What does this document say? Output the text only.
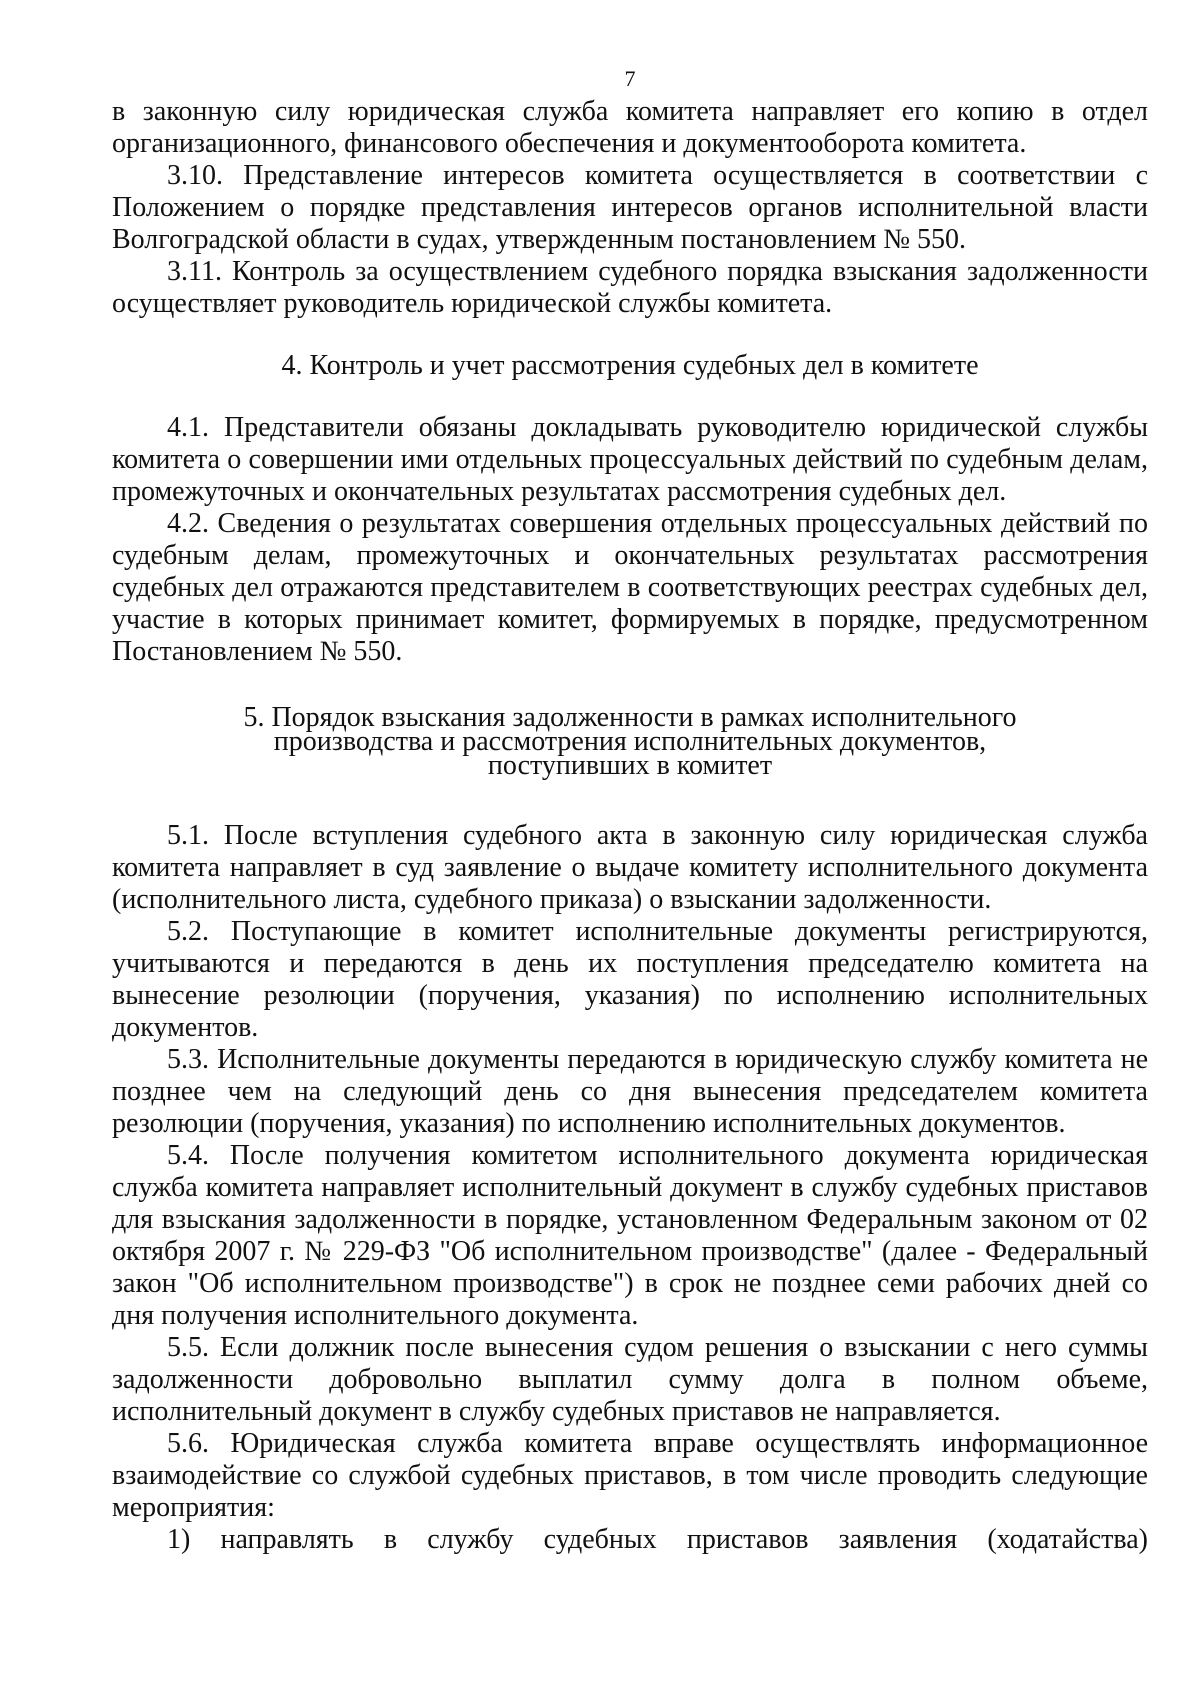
7

в законную силу юридическая служба комитета направляет его копию в отдел организационного, финансового обеспечения и документооборота комитета.

3.10. Представление интересов комитета осуществляется в соответствии с Положением о порядке представления интересов органов исполнительной власти Волгоградской области в судах, утвержденным постановлением № 550.

3.11. Контроль за осуществлением судебного порядка взыскания задолженности осуществляет руководитель юридической службы комитета.

4. Контроль и учет рассмотрения судебных дел в комитете

4.1. Представители обязаны докладывать руководителю юридической службы комитета о совершении ими отдельных процессуальных действий по судебным делам, промежуточных и окончательных результатах рассмотрения судебных дел.

4.2. Сведения о результатах совершения отдельных процессуальных действий по судебным делам, промежуточных и окончательных результатах рассмотрения судебных дел отражаются представителем в соответствующих реестрах судебных дел, участие в которых принимает комитет, формируемых в порядке, предусмотренном Постановлением № 550.

5. Порядок взыскания задолженности в рамках исполнительного
производства и рассмотрения исполнительных документов,
поступивших в комитет

5.1. После вступления судебного акта в законную силу юридическая служба комитета направляет в суд заявление о выдаче комитету исполнительного документа (исполнительного листа, судебного приказа) о взыскании задолженности.

5.2. Поступающие в комитет исполнительные документы регистрируются, учитываются и передаются в день их поступления председателю комитета на вынесение резолюции (поручения, указания) по исполнению исполнительных документов.

5.3. Исполнительные документы передаются в юридическую службу комитета не позднее чем на следующий день со дня вынесения председателем комитета резолюции (поручения, указания) по исполнению исполнительных документов.

5.4. После получения комитетом исполнительного документа юридическая служба комитета направляет исполнительный документ в службу судебных приставов для взыскания задолженности в порядке, установленном Федеральным законом от 02 октября 2007 г. № 229-ФЗ "Об исполнительном производстве" (далее - Федеральный закон "Об исполнительном производстве") в срок не позднее семи рабочих дней со дня получения исполнительного документа.

5.5. Если должник после вынесения судом решения о взыскании с него суммы задолженности добровольно выплатил сумму долга в полном объеме, исполнительный документ в службу судебных приставов не направляется.

5.6. Юридическая служба комитета вправе осуществлять информационное взаимодействие со службой судебных приставов, в том числе проводить следующие мероприятия:

1) направлять в службу судебных приставов заявления (ходатайства)
